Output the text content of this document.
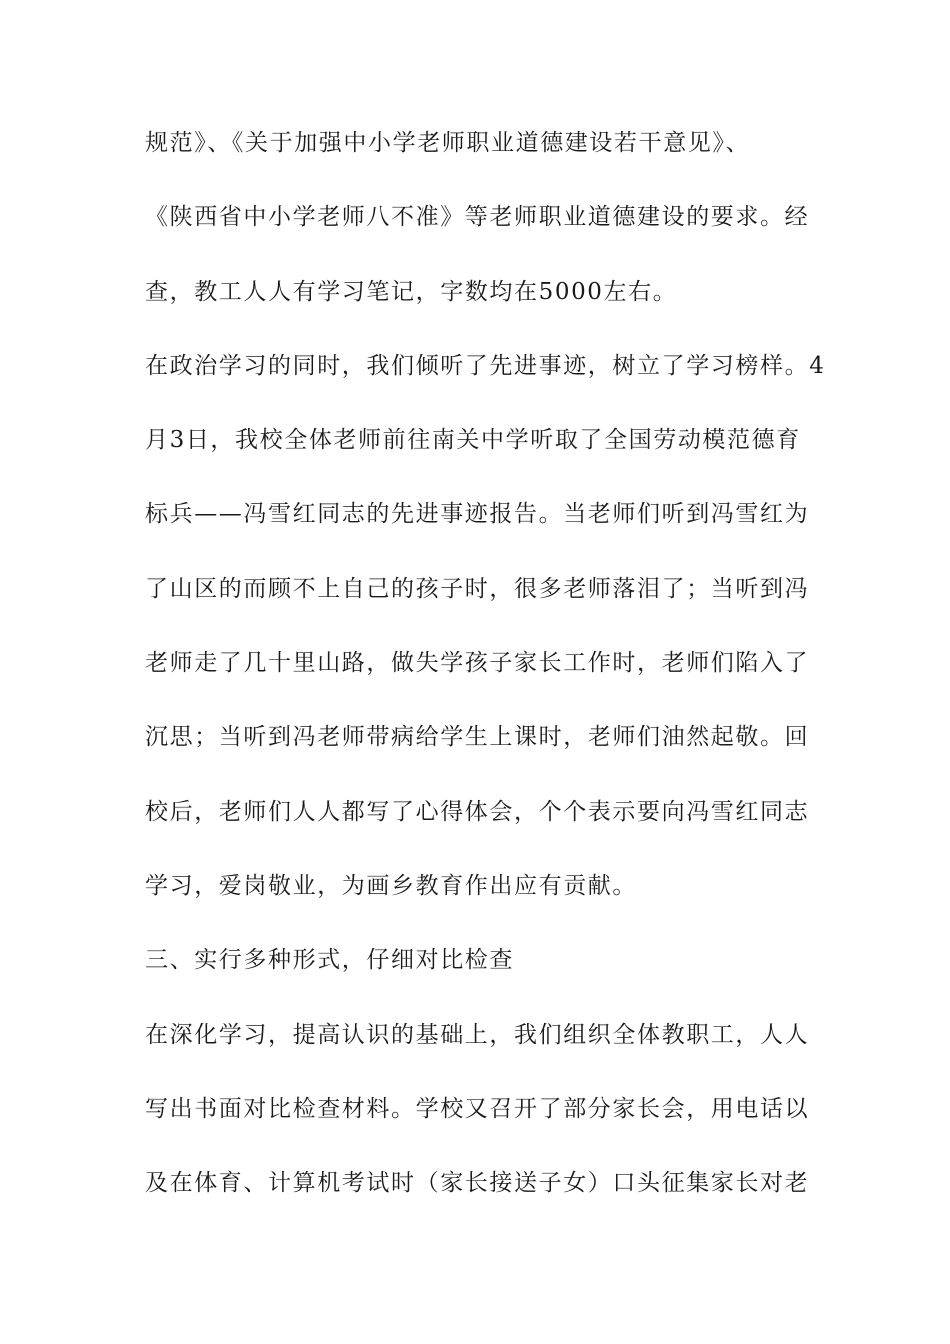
规范》、《关于加强中小学老师职业道德建设若干意见》、
《陕西省中小学老师八不准》等老师职业道德建设的要求。经
查，教工人人有学习笔记，字数均在5000左右。
在政治学习的同时，我们倾听了先进事迹，树立了学习榜样。4
月3日，我校全体老师前往南关中学听取了全国劳动模范德育
标兵——冯雪红同志的先进事迹报告。当老师们听到冯雪红为
了山区的而顾不上自己的孩子时，很多老师落泪了；当听到冯
老师走了几十里山路，做失学孩子家长工作时，老师们陷入了
沉思；当听到冯老师带病给学生上课时，老师们油然起敬。回
校后，老师们人人都写了心得体会，个个表示要向冯雪红同志
学习，爱岗敬业，为画乡教育作出应有贡献。
三、实行多种形式，仔细对比检查
在深化学习，提高认识的基础上，我们组织全体教职工，人人
写出书面对比检查材料。学校又召开了部分家长会，用电话以
及在体育、计算机考试时（家长接送子女）口头征集家长对老
